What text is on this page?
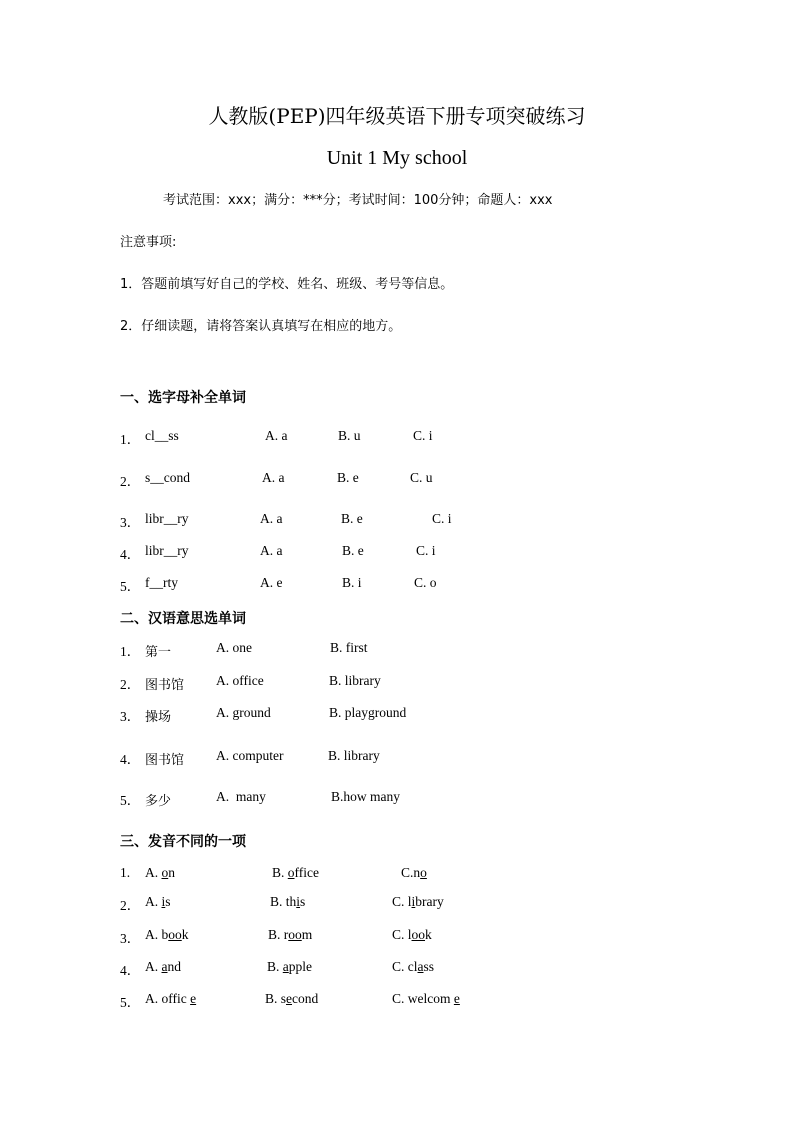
人教版(PEP)四年级英语下册专项突破练习
Unit 1 My school
考试范围：xxx；满分：***分；考试时间：100分钟；命题人：xxx
注意事项:
1．答题前填写好自己的学校、姓名、班级、考号等信息。
2．仔细读题，请将答案认真填写在相应的地方。
一、选字母补全单词
1． cl__ss	A. a	B. u	C. i
2． s__cond	A. a	B. e	C. u
3． libr__ry	A. a	B. e	C. i
4． libr__ry	A. a	B. e	C. i
5． f__rty	A. e	B. i	C. o
二、汉语意思选单词
1． 第一	A. one	B. first
2． 图书馆 A. office	B. library
3． 操场	A. ground	B. playground
4． 图书馆 A. computer	B. library
5． 多少	A.  many	B.how many
三、发音不同的一项
1. A. on	B. office	C.no
2． A. is	B. this	C. library
3． A. book	B. room	C. look
4． A. and	B. apple	C. class
5． A. offic e	B. second	C. welcom e
